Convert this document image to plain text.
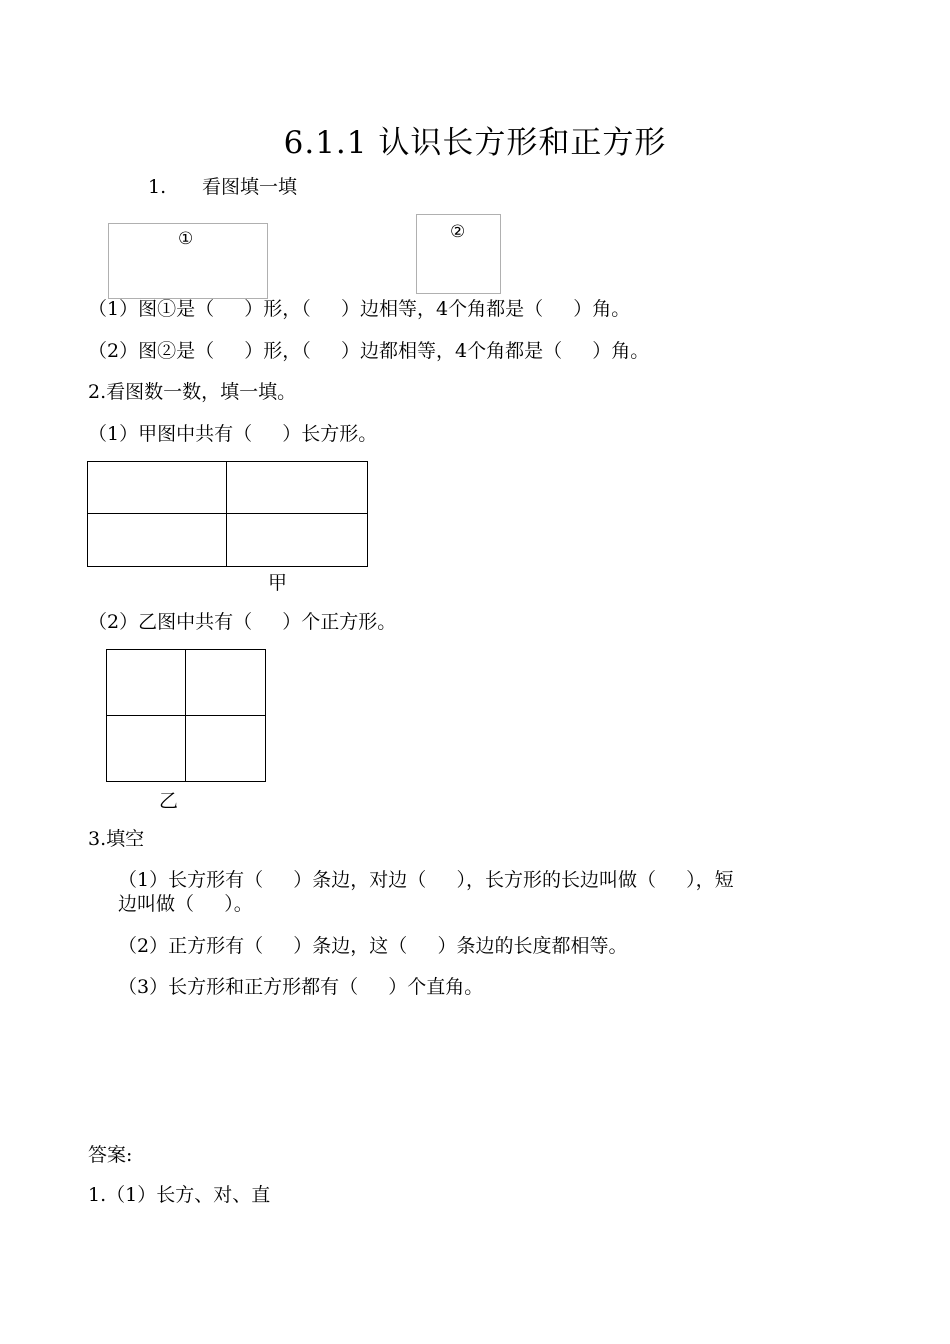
6.1.1 认识长方形和正方形
1. 看图填一填
①	②
（1）图①是（     ）形，（     ）边相等，4个角都是（     ）角。
（2）图②是（     ）形，（     ）边都相等，4个角都是（     ）角。
2.看图数一数，填一填。
（1）甲图中共有（     ）长方形。
甲
（2）乙图中共有（     ）个正方形。
乙
3.填空
（1）长方形有（     ）条边，对边（     ），长方形的长边叫做（     ），短
边叫做（     ）。
（2）正方形有（     ）条边，这（     ）条边的长度都相等。
（3）长方形和正方形都有（     ）个直角。
答案:
1.（1）长方、对、直
